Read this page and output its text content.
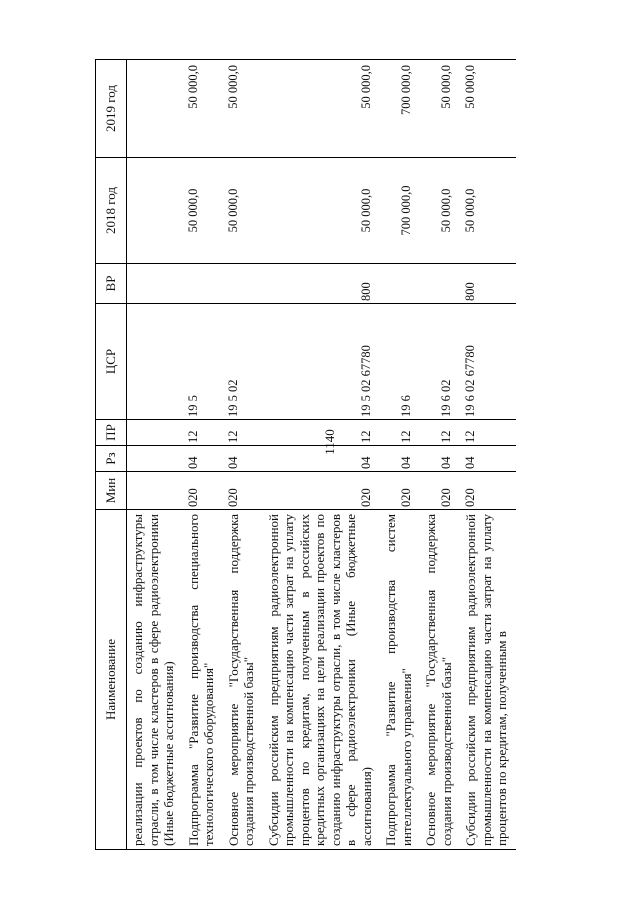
1140
Наименование	Мин	Рз	ПР	ЦСР	ВР	2018 год	2019 год
реализации проектов по созданию инфраструктуры отрасли, в том числе кластеров в сфере радиоэлектроники (Иные бюджетные ассигнования)							
Подпрограмма "Развитие производства специального технологического оборудования"	020	04	12	19 5		50 000,0	50 000,0
Основное мероприятие "Государственная поддержка создания производственной базы"	020	04	12	19 5 02		50 000,0	50 000,0
Субсидии российским предприятиям радиоэлектронной промышленности на компенсацию части затрат на уплату процентов по кредитам, полученным в российских кредитных организациях на цели реализации проектов по созданию инфраструктуры отрасли, в том числе кластеров в сфере радиоэлектроники (Иные бюджетные ассигнования)	020	04	12	19 5 02 67780	800	50 000,0	50 000,0
Подпрограмма "Развитие производства систем интеллектуального управления"	020	04	12	19 6		700 000,0	700 000,0
Основное мероприятие "Государственная поддержка создания производственной базы"	020	04	12	19 6 02		50 000,0	50 000,0
Субсидии российским предприятиям радиоэлектронной промышленности на компенсацию части затрат на уплату процентов по кредитам, полученным в	020	04	12	19 6 02 67780	800	50 000,0	50 000,0
